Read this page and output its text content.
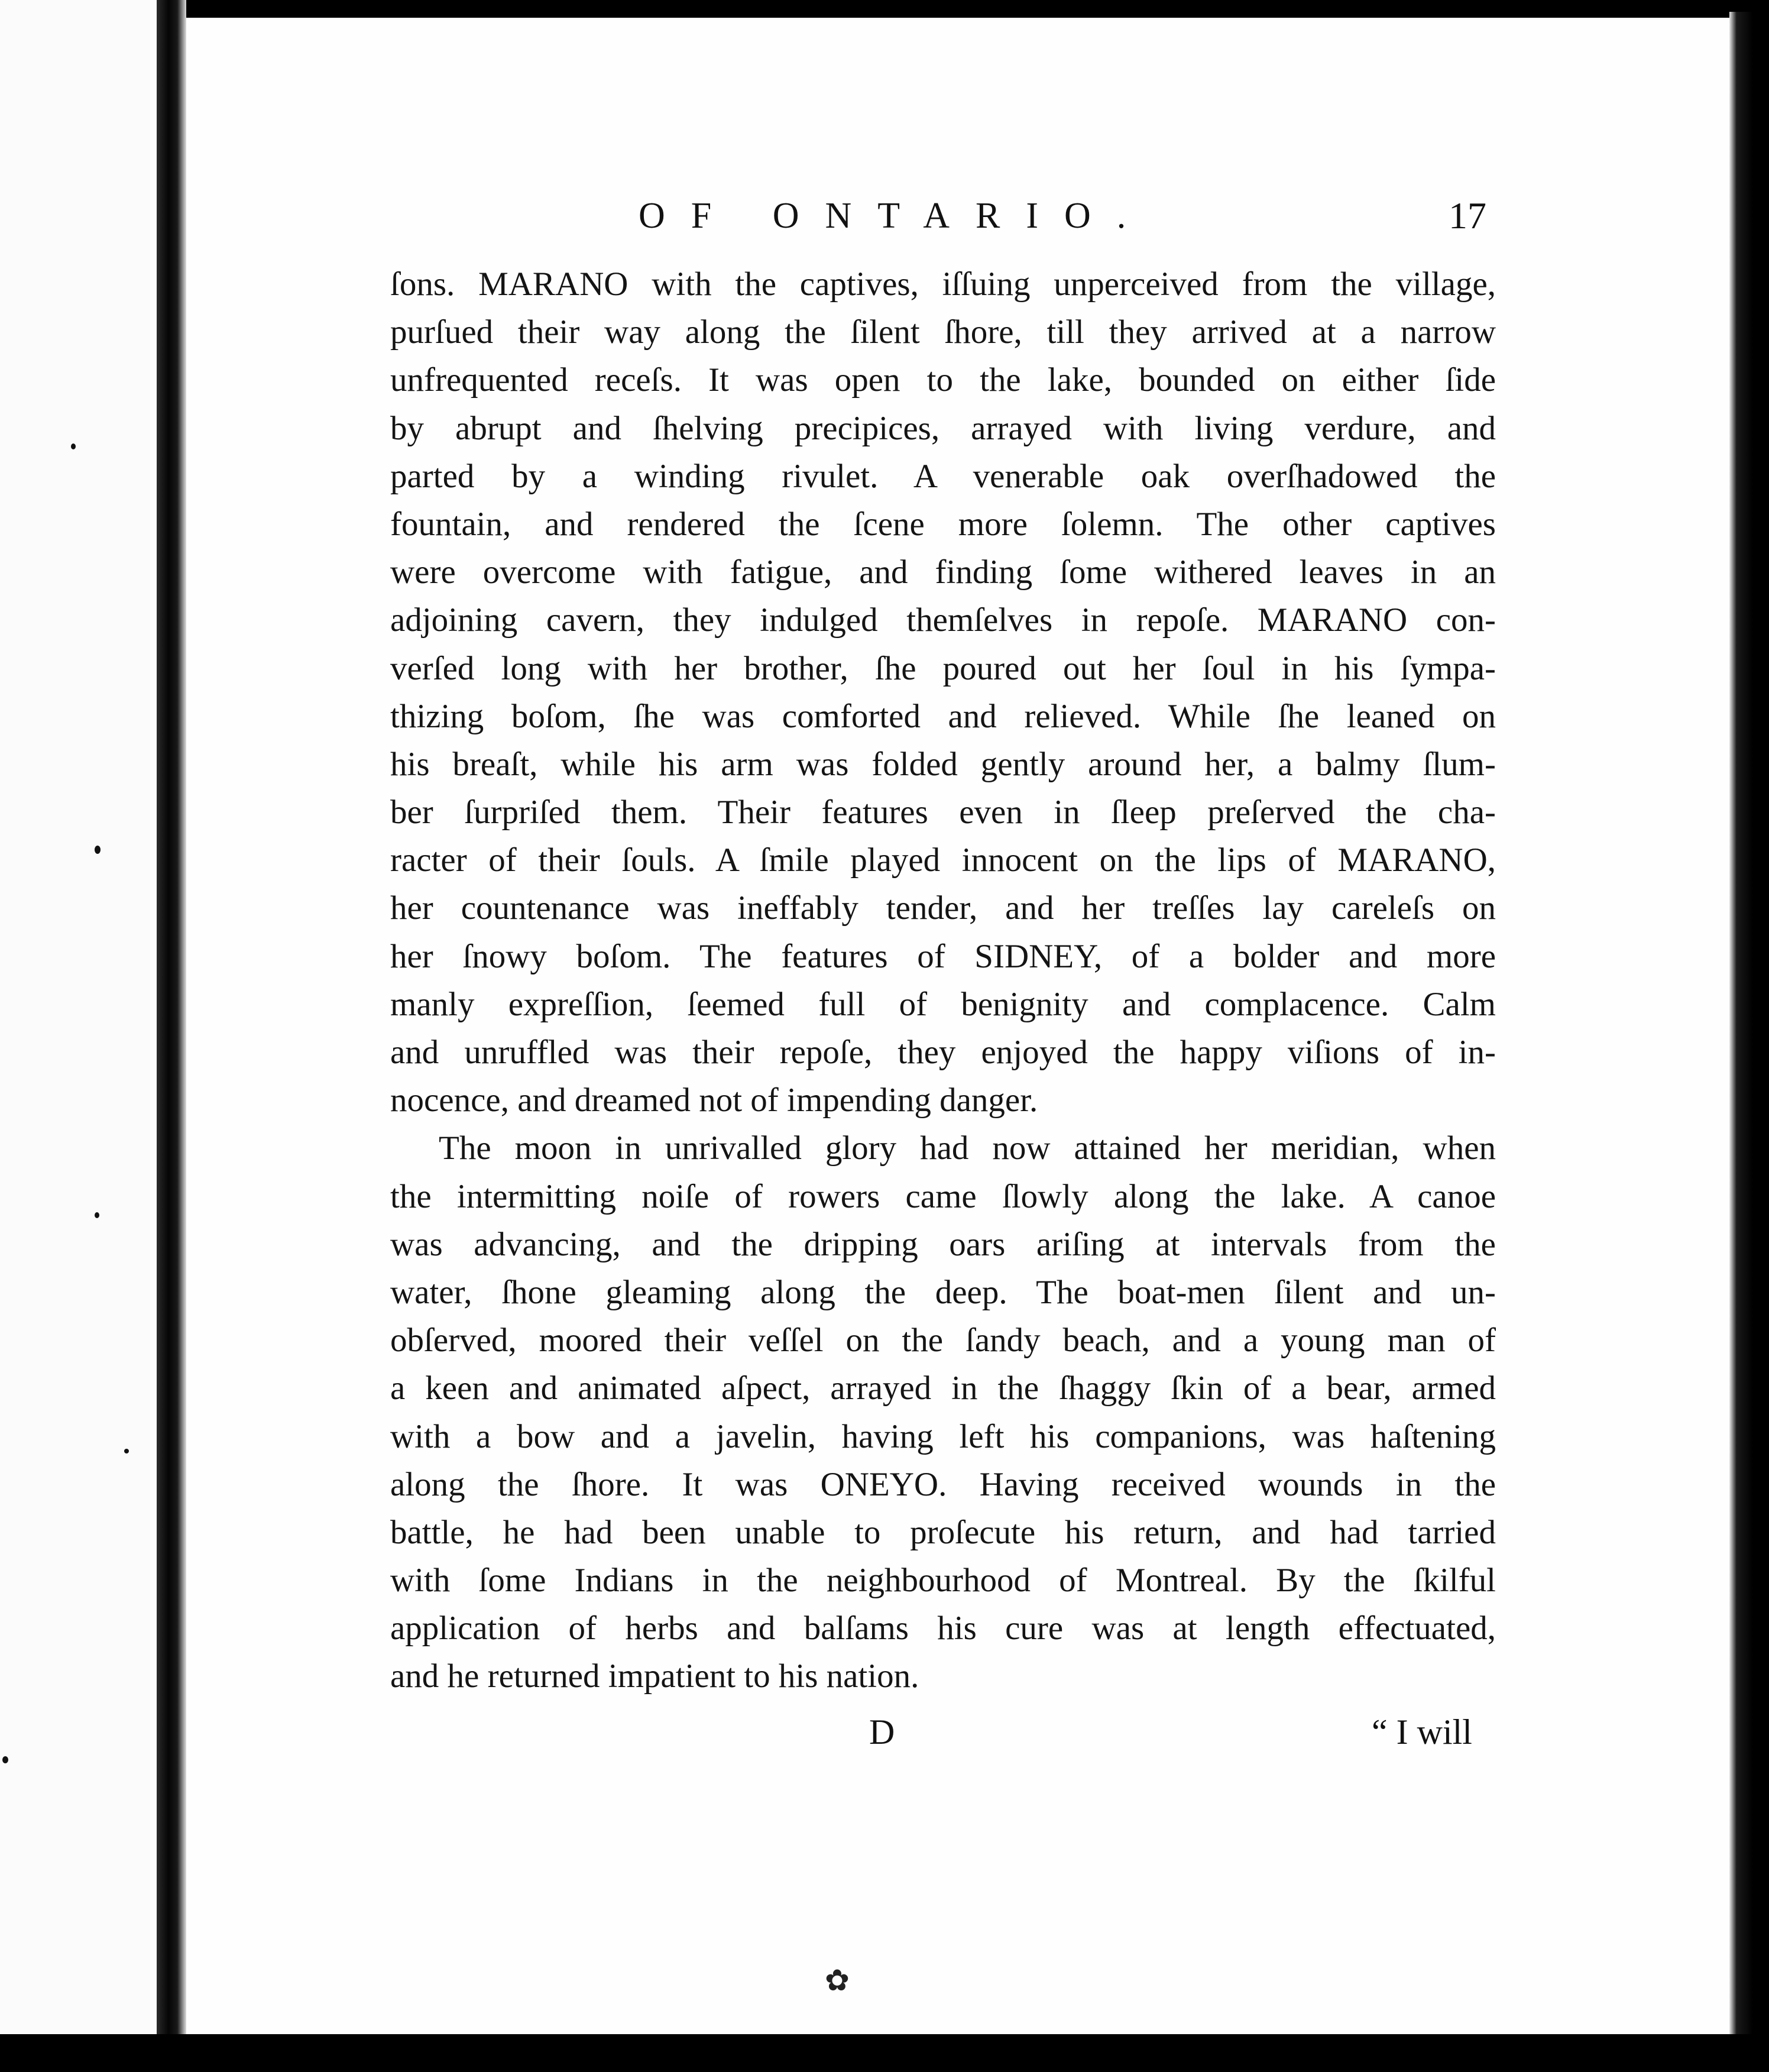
OF ONTARIO.	17
ſons. MARANO with the captives, iſſuing unperceived from the village,
purſued their way along the ſilent ſhore, till they arrived at a narrow
unfrequented receſs. It was open to the lake, bounded on either ſide
by abrupt and ſhelving precipices, arrayed with living verdure, and
parted by a winding rivulet. A venerable oak overſhadowed the
fountain, and rendered the ſcene more ſolemn. The other captives
were overcome with fatigue, and finding ſome withered leaves in an
adjoining cavern, they indulged themſelves in repoſe. MARANO con-
verſed long with her brother, ſhe poured out her ſoul in his ſympa-
thizing boſom, ſhe was comforted and relieved. While ſhe leaned on
his breaſt, while his arm was folded gently around her, a balmy ſlum-
ber ſurpriſed them. Their features even in ſleep preſerved the cha-
racter of their ſouls. A ſmile played innocent on the lips of MARANO,
her countenance was ineffably tender, and her treſſes lay careleſs on
her ſnowy boſom. The features of SIDNEY, of a bolder and more
manly expreſſion, ſeemed full of benignity and complacence. Calm
and unruffled was their repoſe, they enjoyed the happy viſions of in-
nocence, and dreamed not of impending danger.
The moon in unrivalled glory had now attained her meridian, when
the intermitting noiſe of rowers came ſlowly along the lake. A canoe
was advancing, and the dripping oars ariſing at intervals from the
water, ſhone gleaming along the deep. The boat-men ſilent and un-
obſerved, moored their veſſel on the ſandy beach, and a young man of
a keen and animated aſpect, arrayed in the ſhaggy ſkin of a bear, armed
with a bow and a javelin, having left his companions, was haſtening
along the ſhore. It was ONEYO. Having received wounds in the
battle, he had been unable to proſecute his return, and had tarried
with ſome Indians in the neighbourhood of Montreal. By the ſkilful
application of herbs and balſams his cure was at length effectuated,
and he returned impatient to his nation.
D	“ I will
✿
